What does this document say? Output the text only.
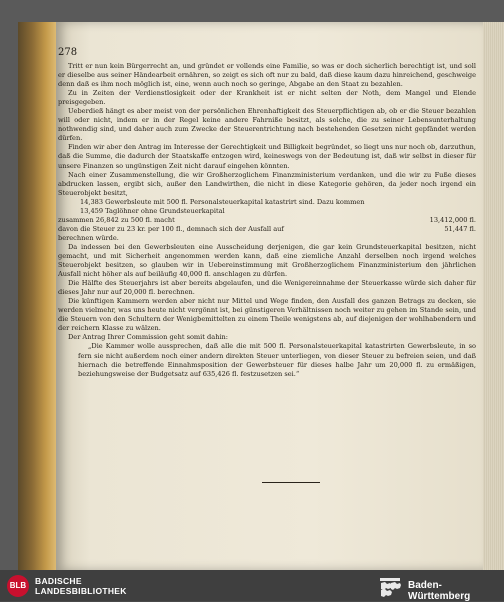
278

Tritt er nun kein Bürgerrecht an, und gründet er vollends eine Familie, so was er doch sicherlich berechtigt ist, und soll er dieselbe aus seiner Händearbeit ernähren, so zeigt es sich oft nur zu bald, daß diese kaum dazu hinreichend, geschweige denn daß es ihm noch möglich ist, eine, wenn auch noch so geringe, Abgabe an den Staat zu bezahlen.

Zu in Zeiten der Verdienstlosigkeit oder der Krankheit ist er nicht selten der Noth, dem Mangel und Elende preisgegeben.

Ueberdieß hängt es aber meist von der persönlichen Ehrenhaftigkeit des Steuerpflichtigen ab, ob er die Steuer bezahlen will oder nicht, indem er in der Regel keine andere Fahrniße besitzt, als solche, die zu seiner Lebensunterhaltung nothwendig sind, und daher auch zum Zwecke der Steuerentrichtung nach bestehenden Gesetzen nicht gepfändet werden dürfen.

Finden wir aber den Antrag im Interesse der Gerechtigkeit und Billigkeit begründet, so liegt uns nur noch ob, darzuthun, daß die Summe, die dadurch der Staatskaffe entzogen wird, keineswegs von der Bedeutung ist, daß wir selbst in dieser für unsere Finanzen so ungünstigen Zeit nicht darauf eingehen könnten.

Nach einer Zusammenstellung, die wir Großherzoglichem Finanzministerium verdanken, und die wir zu Fuße dieses abdrucken lassen, ergibt sich, außer den Landwirthen, die nicht in diese Kategorie gehören, da jeder noch irgend ein Steuerobjekt besitzt,

14,383 Gewerbsleute mit 500 fl. Personalsteuerkapital katastrirt sind. Dazu kommen
13,459 Taglöhner ohne Grundsteuerkapital
zusammen 26,842 zu 500 fl. macht	13,412,000 fl.
davon die Steuer zu 23 kr. per 100 fl., demnach sich der Ausfall auf	51,447 fl.
berechnen würde.

Da indessen bei den Gewerbsleuten eine Ausscheidung derjenigen, die gar kein Grundsteuerkapital besitzen, nicht gemacht, und mit Sicherheit angenommen werden kann, daß eine ziemliche Anzahl derselben noch irgend welches Steuerobjekt besitzen, so glauben wir in Uebereinstimmung mit Großherzoglichem Finanzministerium den jährlichen Ausfall nicht höher als auf beiläufig 40,000 fl. anschlagen zu dürfen.

Die Hälfte des Steuerjahrs ist aber bereits abgelaufen, und die Wenigereinnahme der Steuerkasse würde sich daher für dieses Jahr nur auf 20,000 fl. berechnen.

Die künftigen Kammern werden aber nicht nur Mittel und Wege finden, den Ausfall des ganzen Betrags zu decken, sie werden vielmehr, was uns heute nicht vergönnt ist, bei günstigeren Verhältnissen noch weiter zu gehen im Stande sein, und die Steuern von den Schultern der Wenigbemittelten zu einem Theile wenigstens ab, auf diejenigen der wohlhabendern und der reichern Klasse zu wälzen.

Der Antrag Ihrer Commission geht somit dahin:

„Die Kammer wolle aussprechen, daß alle die mit 500 fl. Personalsteuerkapital katastrirten Gewerbsleute, in so fern sie nicht außerdem noch einer andern direkten Steuer unterliegen, von dieser Steuer zu befreien seien, und daß hiernach die betreffende Einnahmsposition der Gewerbsteuer für dieses halbe Jahr um 20,000 fl. zu ermäßigen, beziehungsweise der Budgetsatz auf 635,426 fl. festzusetzen sei.“

BLB	BADISCHE
LANDESBIBLIOTHEK	Baden-Württemberg
